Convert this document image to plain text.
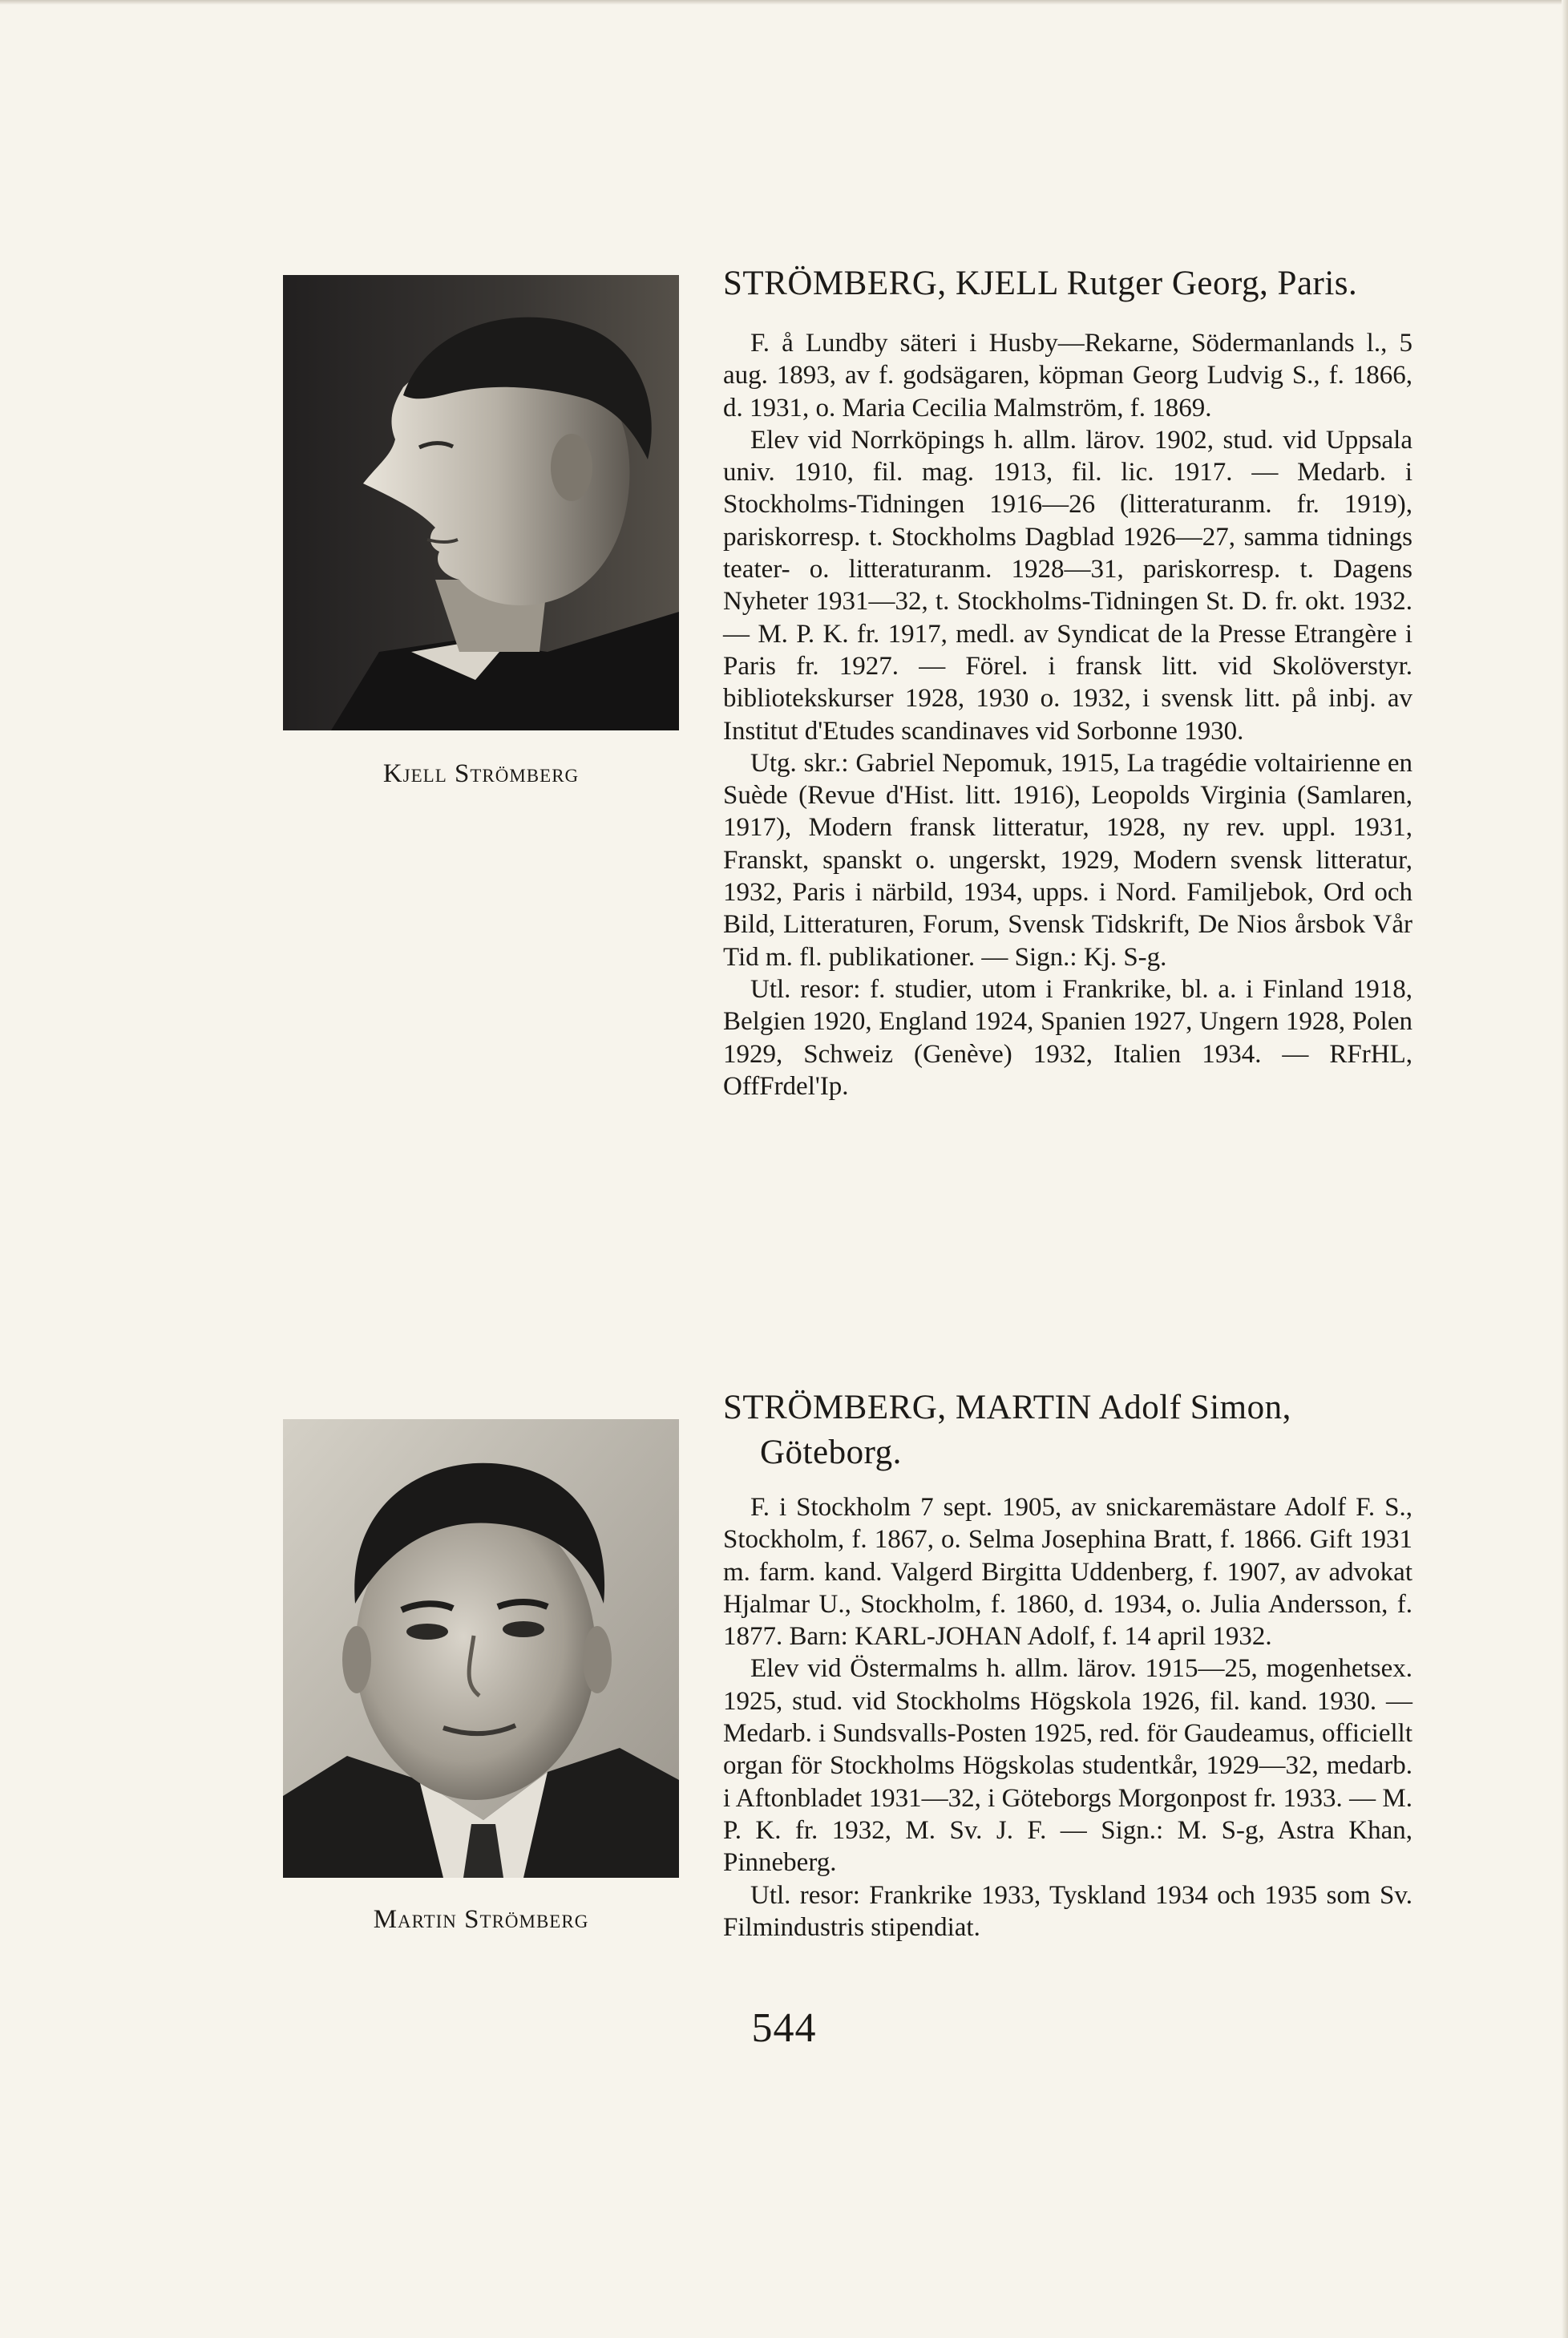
Kjell Strömberg
STRÖMBERG, KJELL Rutger Georg, Paris.

F. å Lundby säteri i Husby—Rekarne, Södermanlands l., 5 aug. 1893, av f. godsägaren, köpman Georg Ludvig S., f. 1866, d. 1931, o. Maria Cecilia Malmström, f. 1869.

Elev vid Norrköpings h. allm. lärov. 1902, stud. vid Uppsala univ. 1910, fil. mag. 1913, fil. lic. 1917. — Medarb. i Stockholms-Tidningen 1916—26 (litteraturanm. fr. 1919), pariskorresp. t. Stockholms Dagblad 1926—27, samma tidnings teater- o. litteraturanm. 1928—31, pariskorresp. t. Dagens Nyheter 1931—32, t. Stockholms-Tidningen St. D. fr. okt. 1932. — M. P. K. fr. 1917, medl. av Syndicat de la Presse Etrangère i Paris fr. 1927. — Förel. i fransk litt. vid Skolöverstyr. bibliotekskurser 1928, 1930 o. 1932, i svensk litt. på inbj. av Institut d'Etudes scandinaves vid Sorbonne 1930.

Utg. skr.: Gabriel Nepomuk, 1915, La tragédie voltairienne en Suède (Revue d'Hist. litt. 1916), Leopolds Virginia (Samlaren, 1917), Modern fransk litteratur, 1928, ny rev. uppl. 1931, Franskt, spanskt o. ungerskt, 1929, Modern svensk litteratur, 1932, Paris i närbild, 1934, upps. i Nord. Familjebok, Ord och Bild, Litteraturen, Forum, Svensk Tidskrift, De Nios årsbok Vår Tid m. fl. publikationer. — Sign.: Kj. S-g.

Utl. resor: f. studier, utom i Frankrike, bl. a. i Finland 1918, Belgien 1920, England 1924, Spanien 1927, Ungern 1928, Polen 1929, Schweiz (Genève) 1932, Italien 1934. — RFrHL, OffFrdel'Ip.

Martin Strömberg
STRÖMBERG, MARTIN Adolf Simon,
Göteborg.

F. i Stockholm 7 sept. 1905, av snickaremästare Adolf F. S., Stockholm, f. 1867, o. Selma Josephina Bratt, f. 1866. Gift 1931 m. farm. kand. Valgerd Birgitta Uddenberg, f. 1907, av advokat Hjalmar U., Stockholm, f. 1860, d. 1934, o. Julia Andersson, f. 1877. Barn: KARL-JOHAN Adolf, f. 14 april 1932.

Elev vid Östermalms h. allm. lärov. 1915—25, mogenhetsex. 1925, stud. vid Stockholms Högskola 1926, fil. kand. 1930. — Medarb. i Sundsvalls-Posten 1925, red. för Gaudeamus, officiellt organ för Stockholms Högskolas studentkår, 1929—32, medarb. i Aftonbladet 1931—32, i Göteborgs Morgonpost fr. 1933. — M. P. K. fr. 1932, M. Sv. J. F. — Sign.: M. S-g, Astra Khan, Pinneberg.

Utl. resor: Frankrike 1933, Tyskland 1934 och 1935 som Sv. Filmindustris stipendiat.

544
